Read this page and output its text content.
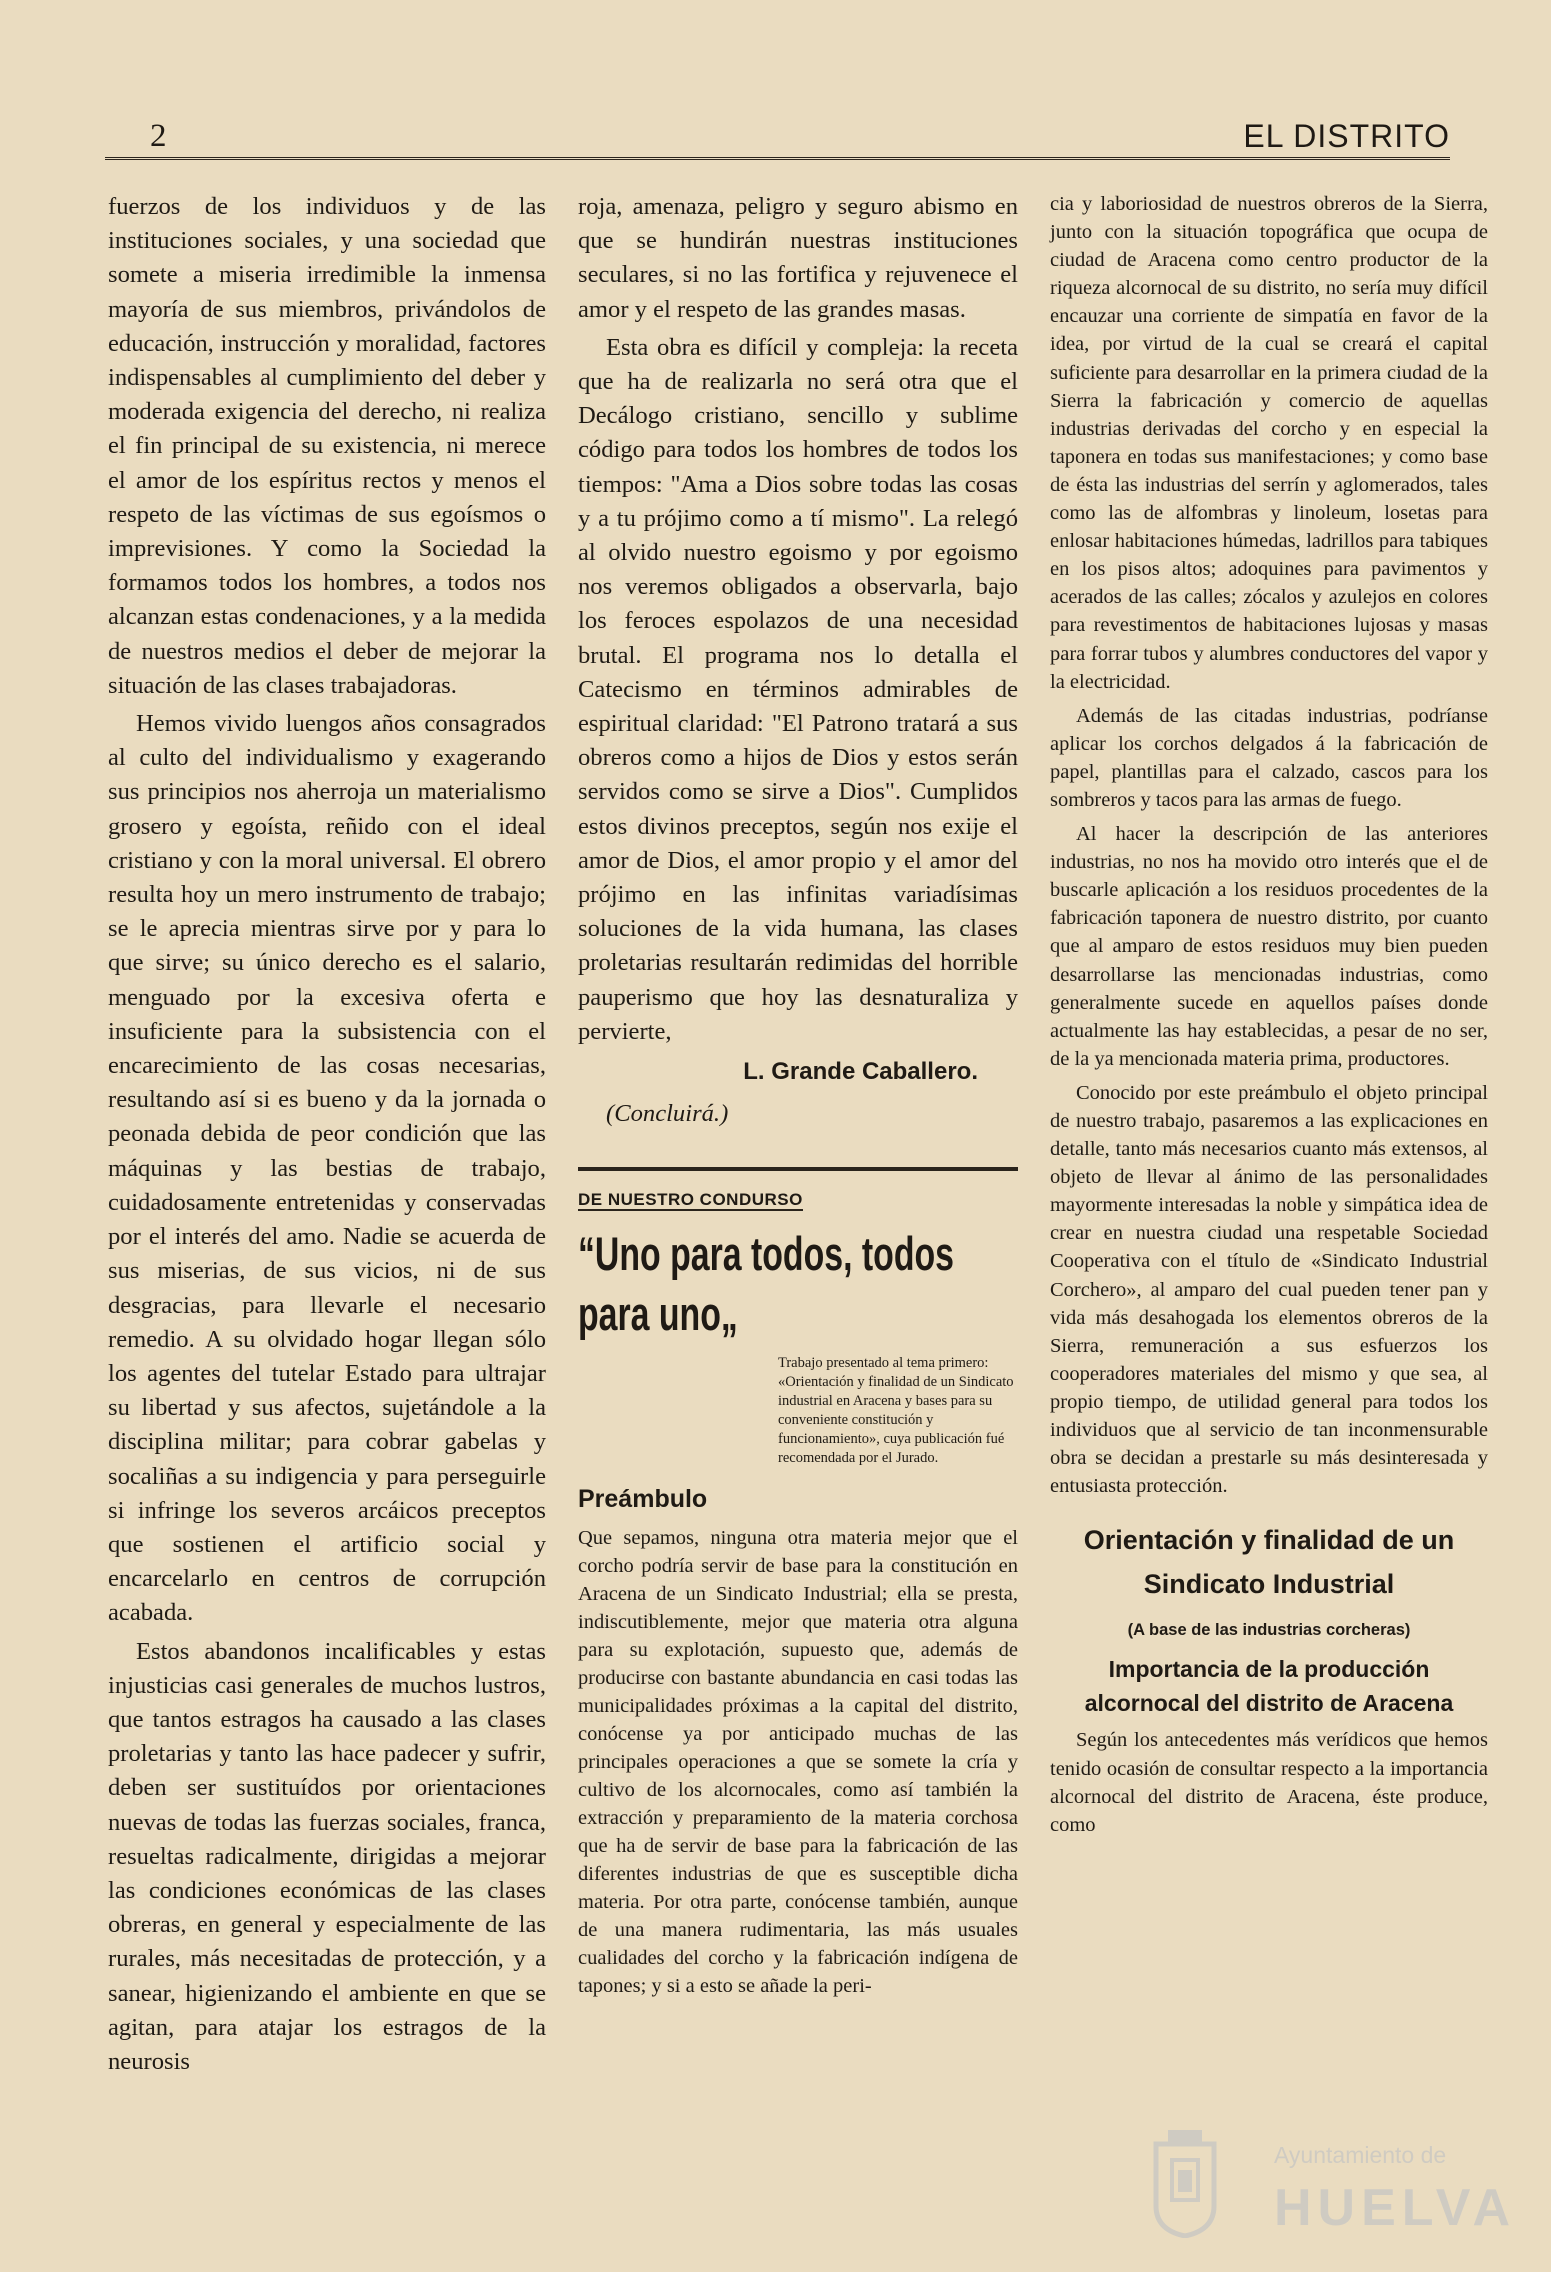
2	EL DISTRITO

fuerzos de los individuos y de las instituciones sociales, y una sociedad que somete a miseria irredimible la inmensa mayoría de sus miembros, privándolos de educación, instrucción y moralidad, factores indispensables al cumplimiento del deber y moderada exigencia del derecho, ni realiza el fin principal de su existencia, ni merece el amor de los espíritus rectos y menos el respeto de las víctimas de sus egoísmos o imprevisiones. Y como la Sociedad la formamos todos los hombres, a todos nos alcanzan estas condenaciones, y a la medida de nuestros medios el deber de mejorar la situación de las clases trabajadoras.

Hemos vivido luengos años consagrados al culto del individualismo y exagerando sus principios nos aherroja un materialismo grosero y egoísta, reñido con el ideal cristiano y con la moral universal. El obrero resulta hoy un mero instrumento de trabajo; se le aprecia mientras sirve por y para lo que sirve; su único derecho es el salario, menguado por la excesiva oferta e insuficiente para la subsistencia con el encarecimiento de las cosas necesarias, resultando así si es bueno y da la jornada o peonada debida de peor condición que las máquinas y las bestias de trabajo, cuidadosamente entretenidas y conservadas por el interés del amo. Nadie se acuerda de sus miserias, de sus vicios, ni de sus desgracias, para llevarle el necesario remedio. A su olvidado hogar llegan sólo los agentes del tutelar Estado para ultrajar su libertad y sus afectos, sujetándole a la disciplina militar; para cobrar gabelas y socaliñas a su indigencia y para perseguirle si infringe los severos arcáicos preceptos que sostienen el artificio social y encarcelarlo en centros de corrupción acabada.

Estos abandonos incalificables y estas injusticias casi generales de muchos lustros, que tantos estragos ha causado a las clases proletarias y tanto las hace padecer y sufrir, deben ser sustituídos por orientaciones nuevas de todas las fuerzas sociales, franca, resueltas radicalmente, dirigidas a mejorar las condiciones económicas de las clases obreras, en general y especialmente de las rurales, más necesitadas de protección, y a sanear, higienizando el ambiente en que se agitan, para atajar los estragos de la neurosis

roja, amenaza, peligro y seguro abismo en que se hundirán nuestras instituciones seculares, si no las fortifica y rejuvenece el amor y el respeto de las grandes masas.

Esta obra es difícil y compleja: la receta que ha de realizarla no será otra que el Decálogo cristiano, sencillo y sublime código para todos los hombres de todos los tiempos: "Ama a Dios sobre todas las cosas y a tu prójimo como a tí mismo". La relegó al olvido nuestro egoismo y por egoismo nos veremos obligados a observarla, bajo los feroces espolazos de una necesidad brutal. El programa nos lo detalla el Catecismo en términos admirables de espiritual claridad: "El Patrono tratará a sus obreros como a hijos de Dios y estos serán servidos como se sirve a Dios". Cumplidos estos divinos preceptos, según nos exije el amor de Dios, el amor propio y el amor del prójimo en las infinitas variadísimas soluciones de la vida humana, las clases proletarias resultarán redimidas del horrible pauperismo que hoy las desnaturaliza y pervierte,

L. Grande Caballero.
(Concluirá.)
DE NUESTRO CONDURSO
“Uno para todos, todos para uno„
Trabajo presentado al tema primero: «Orientación y finalidad de un Sindicato industrial en Aracena y bases para su conveniente constitución y funcionamiento», cuya publicación fué recomendada por el Jurado.
Preámbulo

Que sepamos, ninguna otra materia mejor que el corcho podría servir de base para la constitución en Aracena de un Sindicato Industrial; ella se presta, indiscutiblemente, mejor que materia otra alguna para su explotación, supuesto que, además de producirse con bastante abundancia en casi todas las municipalidades próximas a la capital del distrito, conócense ya por anticipado muchas de las principales operaciones a que se somete la cría y cultivo de los alcornocales, como así también la extracción y preparamiento de la materia corchosa que ha de servir de base para la fabricación de las diferentes industrias de que es susceptible dicha materia. Por otra parte, conócense también, aunque de una manera rudimentaria, las más usuales cualidades del corcho y la fabricación indígena de tapones; y si a esto se añade la peri-

cia y laboriosidad de nuestros obreros de la Sierra, junto con la situación topográfica que ocupa de ciudad de Aracena como centro productor de la riqueza alcornocal de su distrito, no sería muy difícil encauzar una corriente de simpatía en favor de la idea, por virtud de la cual se creará el capital suficiente para desarrollar en la primera ciudad de la Sierra la fabricación y comercio de aquellas industrias derivadas del corcho y en especial la taponera en todas sus manifestaciones; y como base de ésta las industrias del serrín y aglomerados, tales como las de alfombras y linoleum, losetas para enlosar habitaciones húmedas, ladrillos para tabiques en los pisos altos; adoquines para pavimentos y acerados de las calles; zócalos y azulejos en colores para revestimentos de habitaciones lujosas y masas para forrar tubos y alumbres conductores del vapor y la electricidad.

Además de las citadas industrias, podríanse aplicar los corchos delgados á la fabricación de papel, plantillas para el calzado, cascos para los sombreros y tacos para las armas de fuego.

Al hacer la descripción de las anteriores industrias, no nos ha movido otro interés que el de buscarle aplicación a los residuos procedentes de la fabricación taponera de nuestro distrito, por cuanto que al amparo de estos residuos muy bien pueden desarrollarse las mencionadas industrias, como generalmente sucede en aquellos países donde actualmente las hay establecidas, a pesar de no ser, de la ya mencionada materia prima, productores.

Conocido por este preámbulo el objeto principal de nuestro trabajo, pasaremos a las explicaciones en detalle, tanto más necesarios cuanto más extensos, al objeto de llevar al ánimo de las personalidades mayormente interesadas la noble y simpática idea de crear en nuestra ciudad una respetable Sociedad Cooperativa con el título de «Sindicato Industrial Corchero», al amparo del cual pueden tener pan y vida más desahogada los elementos obreros de la Sierra, remuneración a sus esfuerzos los cooperadores materiales del mismo y que sea, al propio tiempo, de utilidad general para todos los individuos que al servicio de tan inconmensurable obra se decidan a prestarle su más desinteresada y entusiasta protección.

Orientación y finalidad de un Sindicato Industrial
(A base de las industrias corcheras)
Importancia de la producción alcornocal del distrito de Aracena

Según los antecedentes más verídicos que hemos tenido ocasión de consultar respecto a la importancia alcornocal del distrito de Aracena, éste produce, como

Ayuntamiento de
HUELVA
